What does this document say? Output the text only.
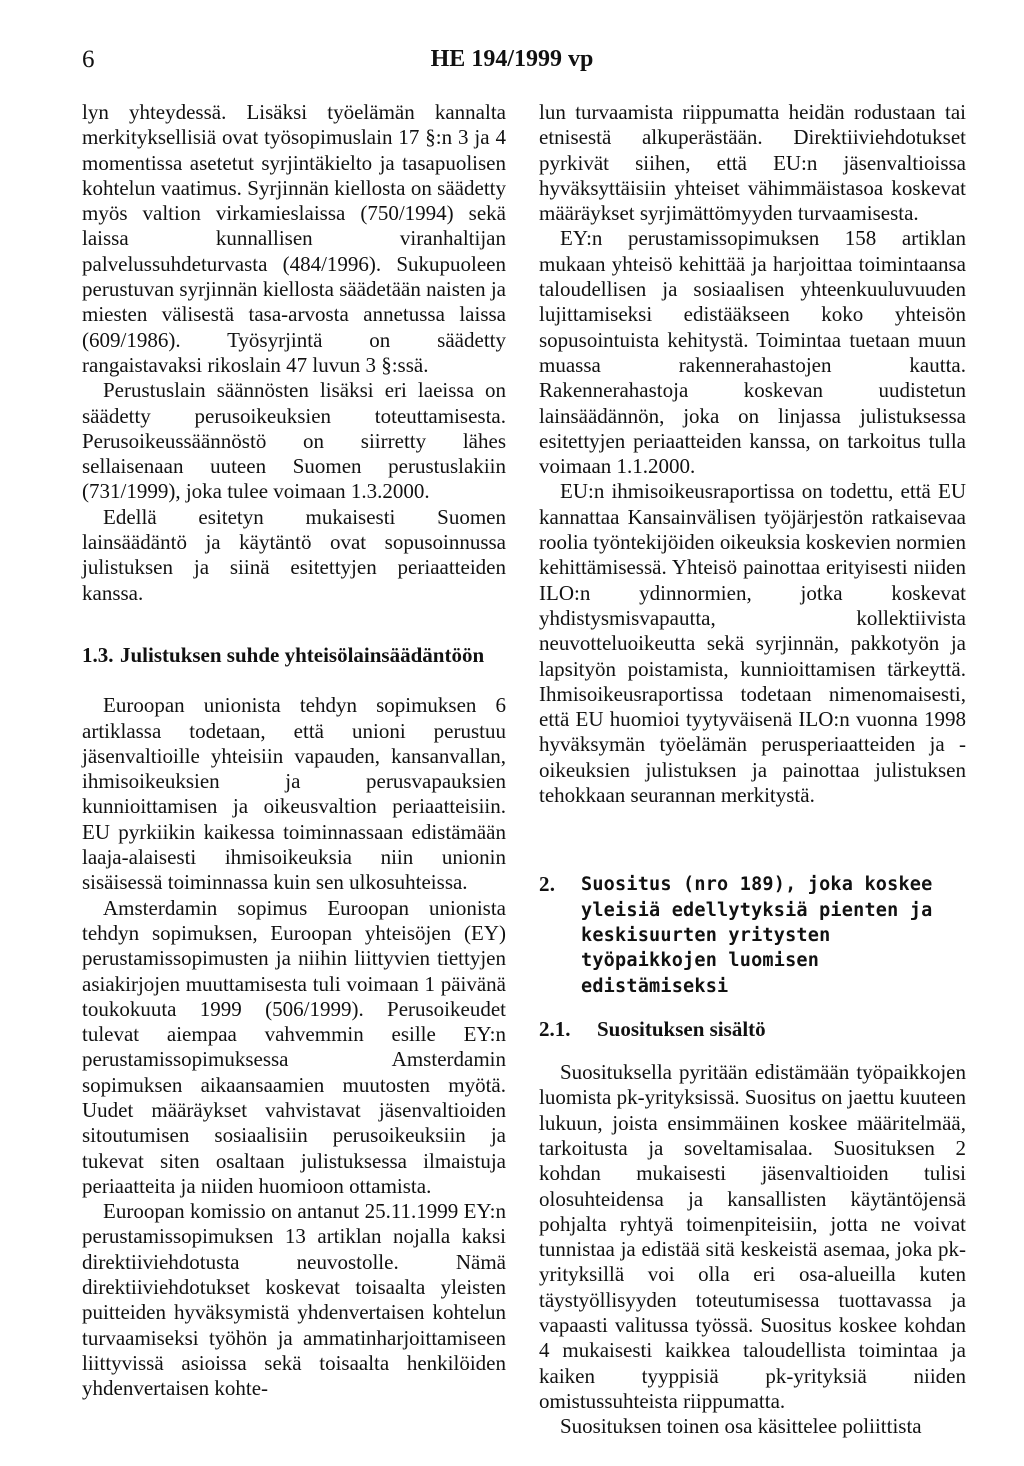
6	HE 194/1999 vp

lyn yhteydessä. Lisäksi työelämän kannalta merkityksellisiä ovat työsopimuslain 17 §:n 3 ja 4 momentissa asetetut syrjintäkielto ja tasapuolisen kohtelun vaatimus. Syrjinnän kiellosta on säädetty myös valtion virkamieslaissa (750/1994) sekä laissa kunnallisen viranhaltijan palvelussuhdeturvasta (484/1996). Sukupuoleen perustuvan syrjinnän kiellosta säädetään naisten ja miesten välisestä tasa-arvosta annetussa laissa (609/1986). Työsyrjintä on säädetty rangaistavaksi rikoslain 47 luvun 3 §:ssä.

Perustuslain säännösten lisäksi eri laeissa on säädetty perusoikeuksien toteuttamisesta. Perusoikeussäännöstö on siirretty lähes sellaisenaan uuteen Suomen perustuslakiin (731/1999), joka tulee voimaan 1.3.2000.

Edellä esitetyn mukaisesti Suomen lainsäädäntö ja käytäntö ovat sopusoinnussa julistuksen ja siinä esitettyjen periaatteiden kanssa.

1.3. Julistuksen suhde yhteisölainsäädäntöön

Euroopan unionista tehdyn sopimuksen 6 artiklassa todetaan, että unioni perustuu jäsenvaltioille yhteisiin vapauden, kansanvallan, ihmisoikeuksien ja perusvapauksien kunnioittamisen ja oikeusvaltion periaatteisiin. EU pyrkiikin kaikessa toiminnassaan edistämään laaja-alaisesti ihmisoikeuksia niin unionin sisäisessä toiminnassa kuin sen ulkosuhteissa.

Amsterdamin sopimus Euroopan unionista tehdyn sopimuksen, Euroopan yhteisöjen (EY) perustamissopimusten ja niihin liittyvien tiettyjen asiakirjojen muuttamisesta tuli voimaan 1 päivänä toukokuuta 1999 (506/1999). Perusoikeudet tulevat aiempaa vahvemmin esille EY:n perustamissopimuksessa Amsterdamin sopimuksen aikaansaamien muutosten myötä. Uudet määräykset vahvistavat jäsenvaltioiden sitoutumisen sosiaalisiin perusoikeuksiin ja tukevat siten osaltaan julistuksessa ilmaistuja periaatteita ja niiden huomioon ottamista.

Euroopan komissio on antanut 25.11.1999 EY:n perustamissopimuksen 13 artiklan nojalla kaksi direktiiviehdotusta neuvostolle. Nämä direktiiviehdotukset koskevat toisaalta yleisten puitteiden hyväksymistä yhdenvertaisen kohtelun turvaamiseksi työhön ja ammatinharjoittamiseen liittyvissä asioissa sekä toisaalta henkilöiden yhdenvertaisen kohte-

lun turvaamista riippumatta heidän rodustaan tai etnisestä alkuperästään. Direktiiviehdotukset pyrkivät siihen, että EU:n jäsenvaltioissa hyväksyttäisiin yhteiset vähimmäistasoa koskevat määräykset syrjimättömyyden turvaamisesta.

EY:n perustamissopimuksen 158 artiklan mukaan yhteisö kehittää ja harjoittaa toimintaansa taloudellisen ja sosiaalisen yhteenkuuluvuuden lujittamiseksi edistääkseen koko yhteisön sopusointuista kehitystä. Toimintaa tuetaan muun muassa rakennerahastojen kautta. Rakennerahastoja koskevan uudistetun lainsäädännön, joka on linjassa julistuksessa esitettyjen periaatteiden kanssa, on tarkoitus tulla voimaan 1.1.2000.

EU:n ihmisoikeusraportissa on todettu, että EU kannattaa Kansainvälisen työjärjestön ratkaisevaa roolia työntekijöiden oikeuksia koskevien normien kehittämisessä. Yhteisö painottaa erityisesti niiden ILO:n ydinnormien, jotka koskevat yhdistysmisvapautta, kollektiivista neuvotteluoikeutta sekä syrjinnän, pakkotyön ja lapsityön poistamista, kunnioittamisen tärkeyttä. Ihmisoikeusraportissa todetaan nimenomaisesti, että EU huomioi tyytyväisenä ILO:n vuonna 1998 hyväksymän työelämän perusperiaatteiden ja -oikeuksien julistuksen ja painottaa julistuksen tehokkaan seurannan merkitystä.

2.	Suositus (nro 189), joka koskee yleisiä edellytyksiä pienten ja keskisuurten yritysten työpaikkojen luomisen edistämiseksi
2.1.	Suosituksen sisältö

Suosituksella pyritään edistämään työpaikkojen luomista pk-yrityksissä. Suositus on jaettu kuuteen lukuun, joista ensimmäinen koskee määritelmää, tarkoitusta ja soveltamisalaa. Suosituksen 2 kohdan mukaisesti jäsenvaltioiden tulisi olosuhteidensa ja kansallisten käytäntöjensä pohjalta ryhtyä toimenpiteisiin, jotta ne voivat tunnistaa ja edistää sitä keskeistä asemaa, joka pk-yrityksillä voi olla eri osa-alueilla kuten täystyöllisyyden toteutumisessa tuottavassa ja vapaasti valitussa työssä. Suositus koskee kohdan 4 mukaisesti kaikkea taloudellista toimintaa ja kaiken tyyppisiä pk-yrityksiä niiden omistussuhteista riippumatta.

Suosituksen toinen osa käsittelee poliittista
